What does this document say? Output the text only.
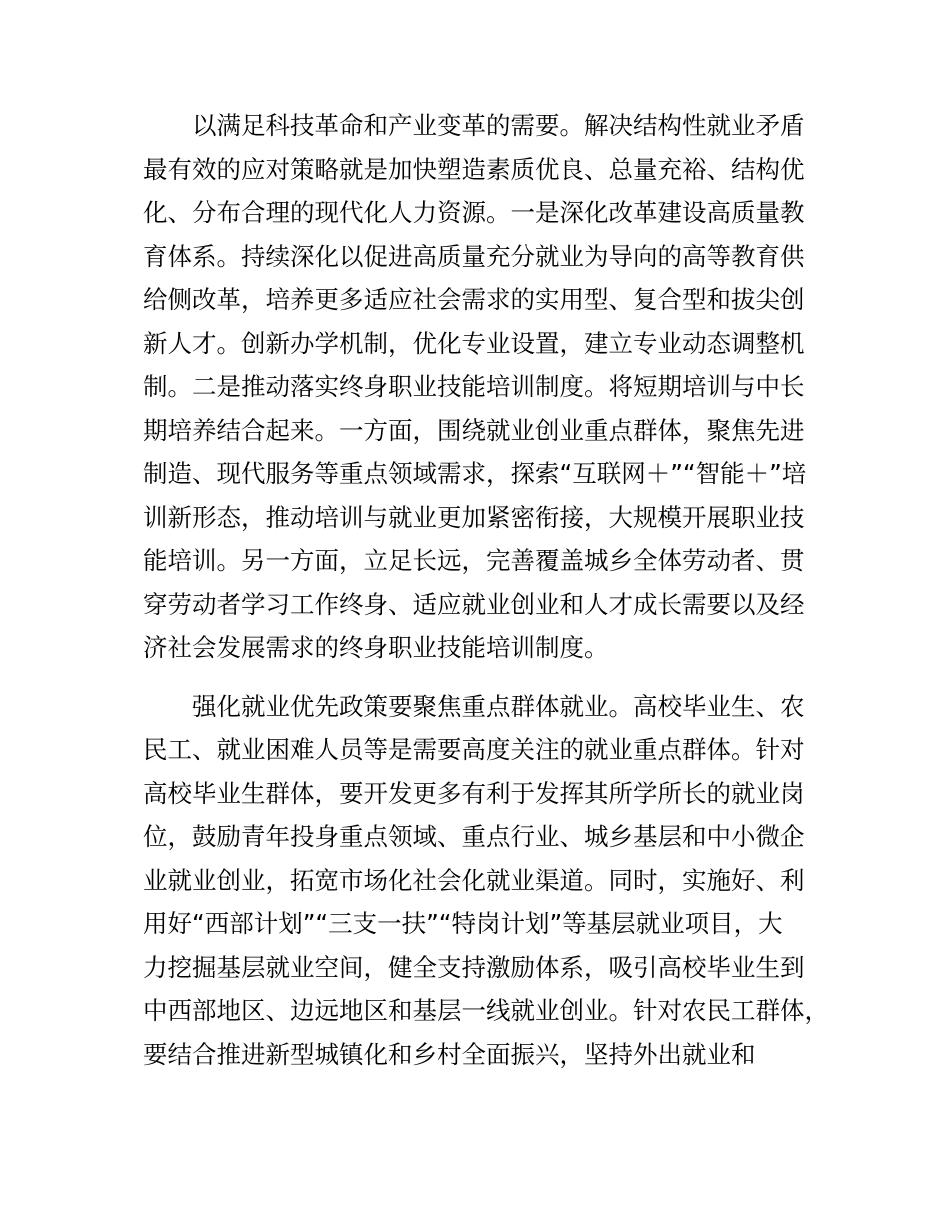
以满足科技革命和产业变革的需要。解决结构性就业矛盾
最有效的应对策略就是加快塑造素质优良、总量充裕、结构优
化、分布合理的现代化人力资源。一是深化改革建设高质量教
育体系。持续深化以促进高质量充分就业为导向的高等教育供
给侧改革，培养更多适应社会需求的实用型、复合型和拔尖创
新人才。创新办学机制，优化专业设置，建立专业动态调整机
制。二是推动落实终身职业技能培训制度。将短期培训与中长
期培养结合起来。一方面，围绕就业创业重点群体，聚焦先进
制造、现代服务等重点领域需求，探索“互联网＋”“智能＋”培
训新形态，推动培训与就业更加紧密衔接，大规模开展职业技
能培训。另一方面，立足长远，完善覆盖城乡全体劳动者、贯
穿劳动者学习工作终身、适应就业创业和人才成长需要以及经
济社会发展需求的终身职业技能培训制度。
强化就业优先政策要聚焦重点群体就业。高校毕业生、农
民工、就业困难人员等是需要高度关注的就业重点群体。针对
高校毕业生群体，要开发更多有利于发挥其所学所长的就业岗
位，鼓励青年投身重点领域、重点行业、城乡基层和中小微企
业就业创业，拓宽市场化社会化就业渠道。同时，实施好、利
用好“西部计划”“三支一扶”“特岗计划”等基层就业项目，大
力挖掘基层就业空间，健全支持激励体系，吸引高校毕业生到
中西部地区、边远地区和基层一线就业创业。针对农民工群体，
要结合推进新型城镇化和乡村全面振兴，坚持外出就业和
